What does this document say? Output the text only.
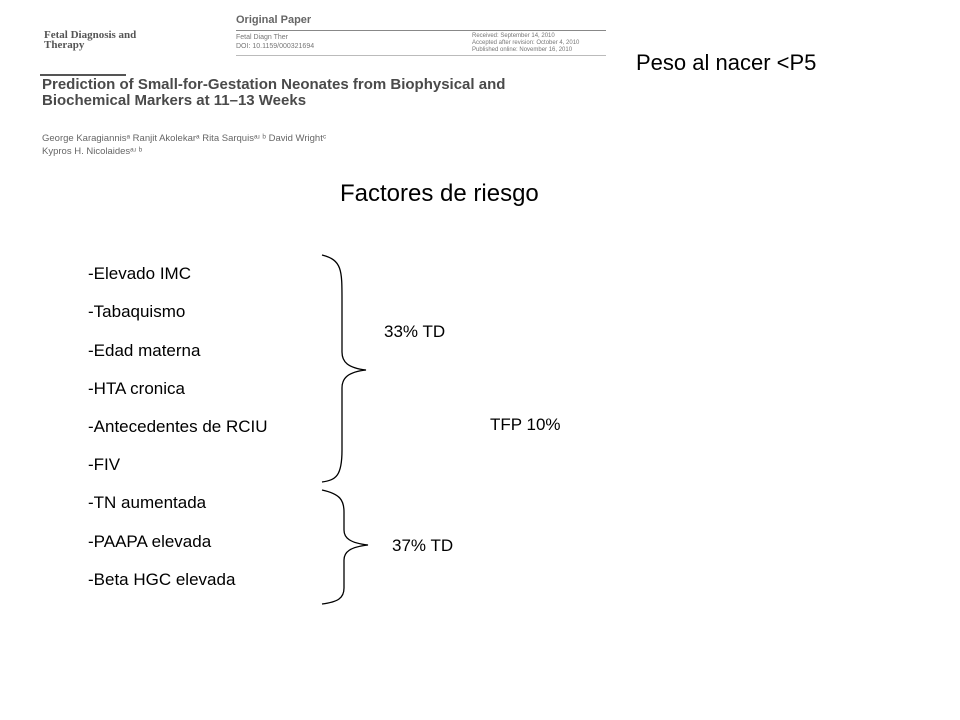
Fetal Diagnosis and Therapy
Original Paper
Fetal Diagn Ther
DOI: 10.1159/000321694
Received: September 14, 2010
Accepted after revision: October 4, 2010
Published online: November 16, 2010
Prediction of Small-for-Gestation Neonates from Biophysical and Biochemical Markers at 11–13 Weeks
George Karagiannisᵃ Ranjit Akolekarᵃ Rita Sarquisᵃʴ ᵇ David Wrightᶜ
Kypros H. Nicolaidesᵃʴ ᵇ
Peso al nacer <P5
Factores de riesgo
-Elevado IMC
-Tabaquismo
-Edad materna
-HTA cronica
-Antecedentes de RCIU
-FIV
-TN aumentada
-PAAPA elevada
-Beta HGC elevada
33% TD
TFP 10%
37% TD
